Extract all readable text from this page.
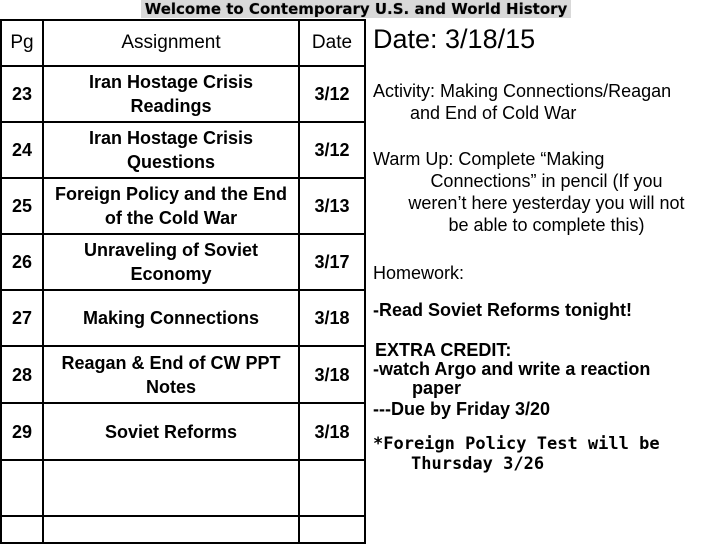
Welcome to Contemporary U.S. and World History
Pg	Assignment	Date
23	Iran Hostage Crisis Readings	3/12
24	Iran Hostage Crisis Questions	3/12
25	Foreign Policy and the End of the Cold War	3/13
26	Unraveling of Soviet Economy	3/17
27	Making Connections	3/18
28	Reagan & End of CW PPT Notes	3/18
29	Soviet Reforms	3/18

Date: 3/18/15
Activity: Making Connections/Reagan
and End of Cold War
Warm Up: Complete “Making
Connections” in pencil (If you
weren’t here yesterday you will not
be able to complete this)
Homework:
-Read Soviet Reforms tonight!
EXTRA CREDIT:
-watch Argo and write a reaction
paper
---Due by Friday 3/20
*Foreign Policy Test will be
Thursday 3/26
